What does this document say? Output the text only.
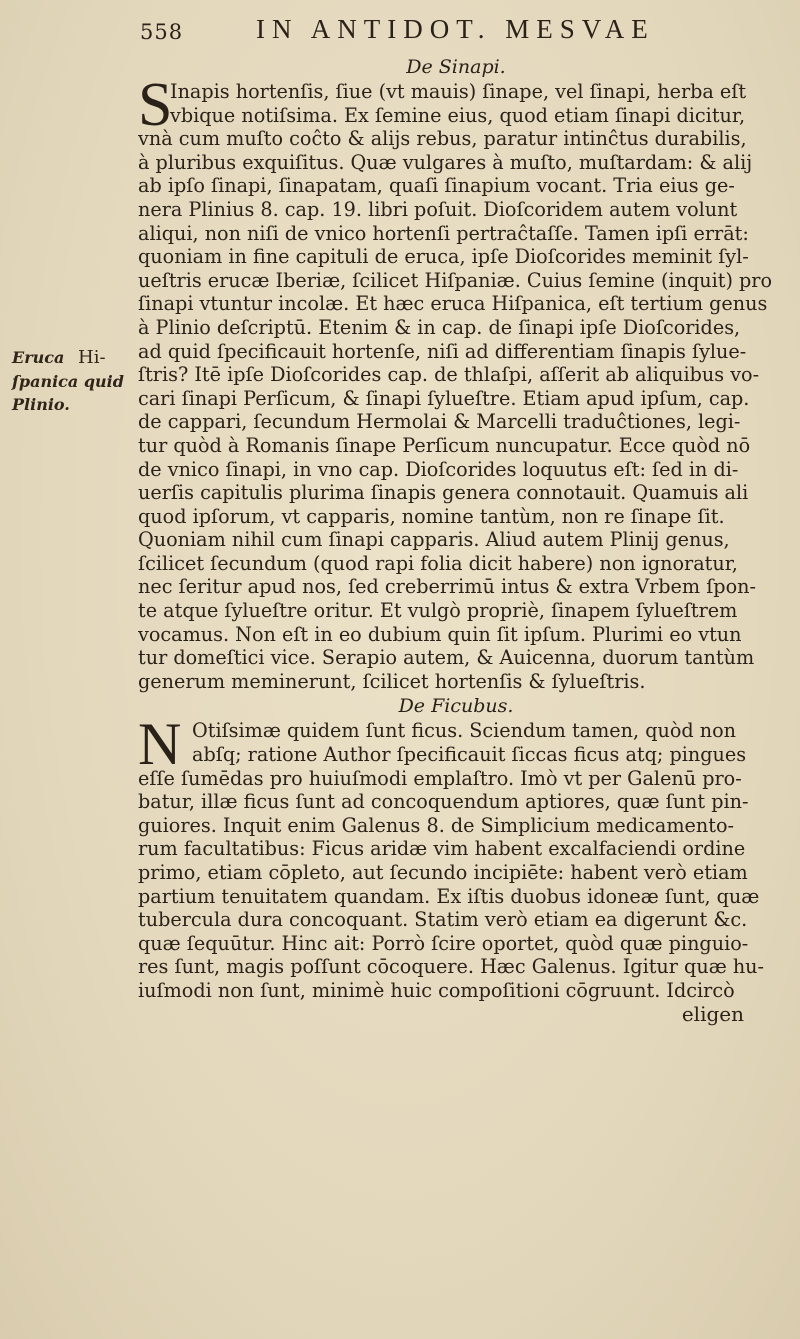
558	IN ANTIDOT. MESVAE
Eruca Hi-
ſpanica quid
Plinio.
De Sinapi.
S
Inapis hortenſis, ſiue (vt mauis) ſinape, vel ſinapi, herba eſt
vbique notiſsima. Ex ſemine eius, quod etiam ſinapi dicitur,
vnà cum muſto coĉto & alijs rebus, paratur intinĉtus durabilis,
à pluribus exquiſitus. Quæ vulgares à muſto, muſtardam: & alij
ab ipſo ſinapi, ſinapatam, quaſi ſinapium vocant. Tria eius ge-
nera Plinius 8. cap. 19. libri poſuit. Dioſcoridem autem volunt
aliqui, non niſi de vnico hortenſi pertraĉtaſſe. Tamen ipſi errāt:
quoniam in fine capituli de eruca, ipſe Dioſcorides meminit ſyl-
ueſtris erucæ Iberiæ, ſcilicet Hiſpaniæ. Cuius ſemine (inquit) pro
ſinapi vtuntur incolæ. Et hæc eruca Hiſpanica, eſt tertium genus
à Plinio deſcriptū. Etenim & in cap. de ſinapi ipſe Dioſcorides,
ad quid ſpecificauit hortenſe, niſi ad differentiam ſinapis ſylue-
ſtris? Itē ipſe Dioſcorides cap. de thlaſpi, aſſerit ab aliquibus vo-
cari ſinapi Perſicum, & ſinapi ſylueſtre. Etiam apud ipſum, cap.
de cappari, ſecundum Hermolai & Marcelli traduĉtiones, legi-
tur quòd à Romanis ſinape Perſicum nuncupatur. Ecce quòd nō
de vnico ſinapi, in vno cap. Dioſcorides loquutus eſt: ſed in di-
uerſis capitulis plurima ſinapis genera connotauit. Quamuis ali
quod ipſorum, vt capparis, nomine tantùm, non re ſinape ſit.
Quoniam nihil cum ſinapi capparis. Aliud autem Plinij genus,
ſcilicet ſecundum (quod rapi folia dicit habere) non ignoratur,
nec ſeritur apud nos, ſed creberrimū intus & extra Vrbem ſpon-
te atque ſylueſtre oritur. Et vulgò propriè, ſinapem ſylueſtrem
vocamus. Non eſt in eo dubium quin ſit ipſum. Plurimi eo vtun
tur domeſtici vice. Serapio autem, & Auicenna, duorum tantùm
generum meminerunt, ſcilicet hortenſis & ſylueſtris.
De Ficubus.
N Otiſsimæ quidem ſunt ficus. Sciendum tamen, quòd non
abſq; ratione Author ſpecificauit ſiccas ficus atq; pingues
eſſe ſumēdas pro huiuſmodi emplaſtro. Imò vt per Galenū pro-
batur, illæ ficus ſunt ad concoquendum aptiores, quæ ſunt pin-
guiores. Inquit enim Galenus 8. de Simplicium medicamento-
rum facultatibus: Ficus aridæ vim habent excalfaciendi ordine
primo, etiam cōpleto, aut ſecundo incipiēte: habent verò etiam
partium tenuitatem quandam. Ex iſtis duobus idoneæ ſunt, quæ
tubercula dura concoquant. Statim verò etiam ea digerunt &c.
quæ ſequūtur. Hinc ait: Porrò ſcire oportet, quòd quæ pinguio-
res ſunt, magis poſſunt cōcoquere. Hæc Galenus. Igitur quæ hu-
iuſmodi non ſunt, minimè huic compoſitioni cōgruunt. Idcircò
eligen
